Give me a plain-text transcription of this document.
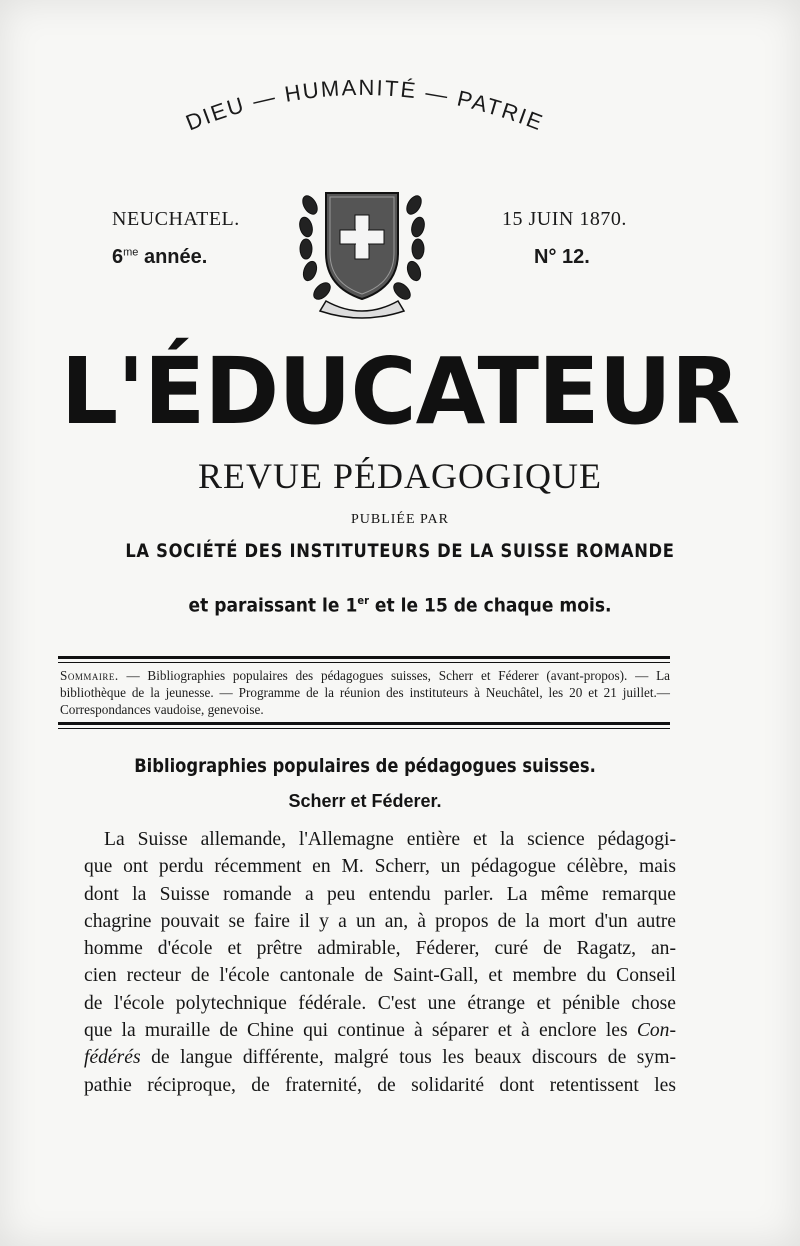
DIEU — HUMANITÉ — PATRIE
NEUCHATEL.
$6^{me}$ année.
15 JUIN 1870.
N° 12.
L'ÉDUCATEUR
REVUE PÉDAGOGIQUE
PUBLIÉE PAR
LA SOCIÉTÉ DES INSTITUTEURS DE LA SUISSE ROMANDE
et paraissant le 1er et le 15 de chaque mois.
Sommaire. — Bibliographies populaires des pédagogues suisses, Scherr et Féderer (avant-propos). — La bibliothèque de la jeunesse. — Programme de la réunion des instituteurs à Neuchâtel, les 20 et 21 juillet.—Correspondances vaudoise, genevoise.
Bibliographies populaires de pédagogues suisses.
Scherr et Féderer.
La Suisse allemande, l'Allemagne entière et la science pédagogi-
que ont perdu récemment en M. Scherr, un pédagogue célèbre, mais
dont la Suisse romande a peu entendu parler. La même remarque
chagrine pouvait se faire il y a un an, à propos de la mort d'un autre
homme d'école et prêtre admirable, Féderer, curé de Ragatz, an-
cien recteur de l'école cantonale de Saint-Gall, et membre du Conseil
de l'école polytechnique fédérale. C'est une étrange et pénible chose
que la muraille de Chine qui continue à séparer et à enclore les Con-
fédérés de langue différente, malgré tous les beaux discours de sym-
pathie réciproque, de fraternité, de solidarité dont retentissent les
